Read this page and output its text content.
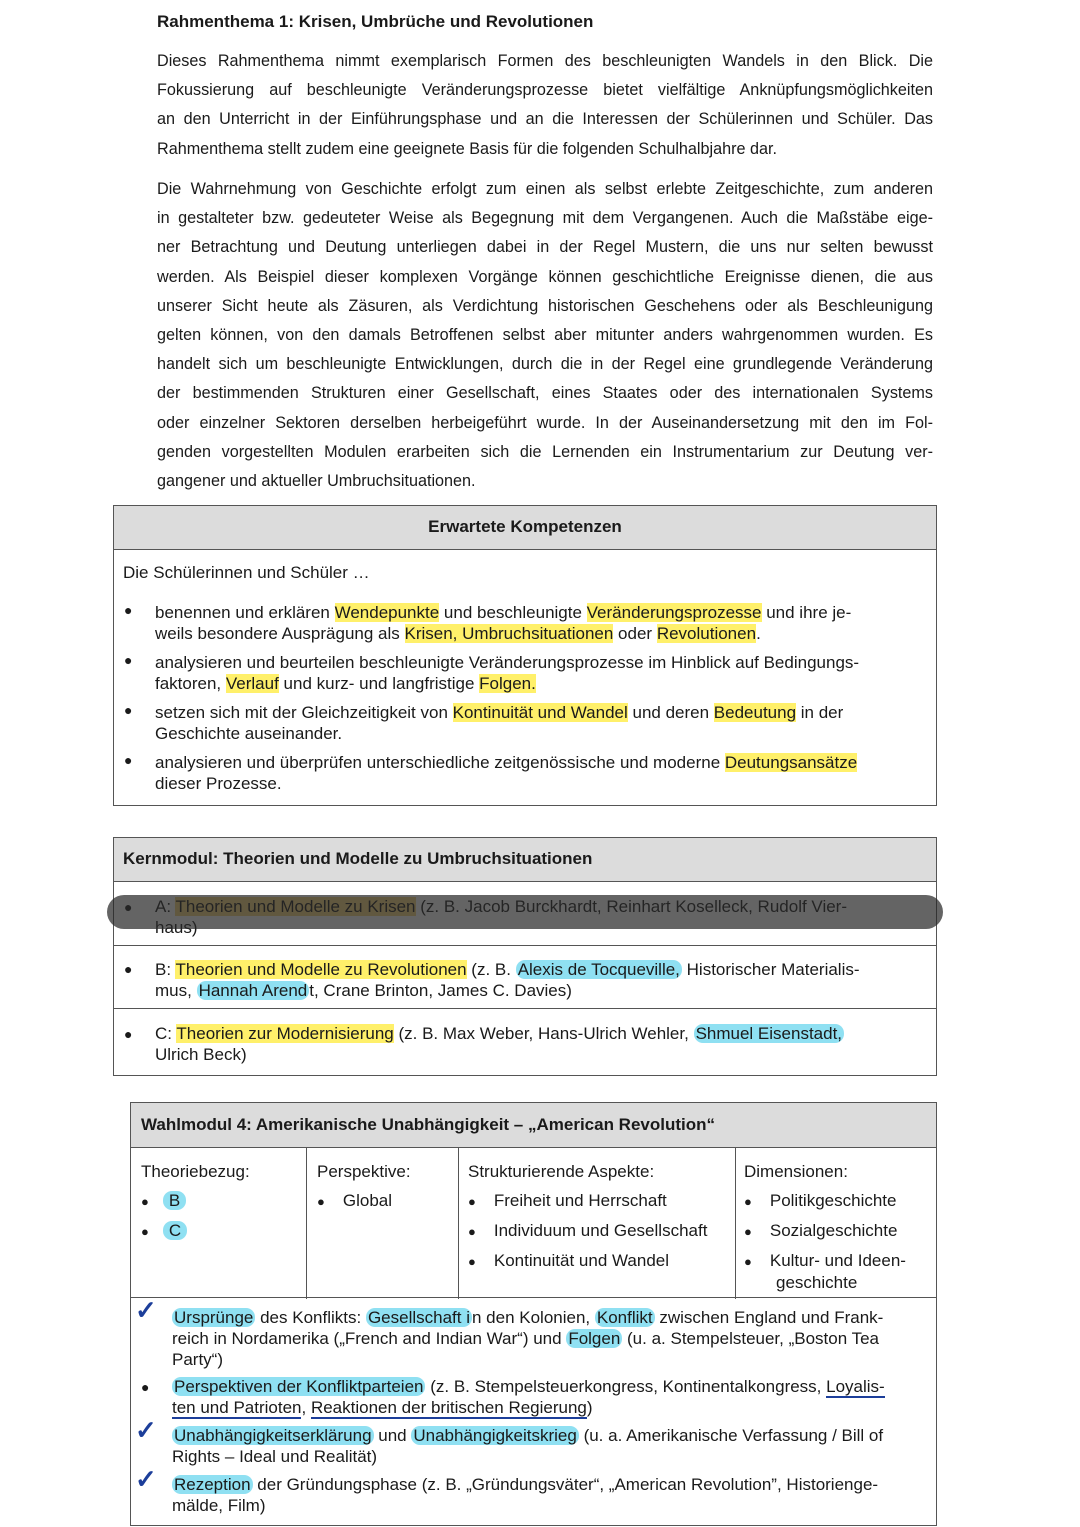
Rahmenthema 1: Krisen, Umbrüche und Revolutionen
Dieses Rahmenthema nimmt exemplarisch Formen des beschleunigten Wandels in den Blick. Die
Fokussierung auf beschleunigte Veränderungsprozesse bietet vielfältige Anknüpfungsmöglichkeiten
an den Unterricht in der Einführungsphase und an die Interessen der Schülerinnen und Schüler. Das
Rahmenthema stellt zudem eine geeignete Basis für die folgenden Schulhalbjahre dar.
Die Wahrnehmung von Geschichte erfolgt zum einen als selbst erlebte Zeitgeschichte, zum anderen
in gestalteter bzw. gedeuteter Weise als Begegnung mit dem Vergangenen. Auch die Maßstäbe eige-
ner Betrachtung und Deutung unterliegen dabei in der Regel Mustern, die uns nur selten bewusst
werden. Als Beispiel dieser komplexen Vorgänge können geschichtliche Ereignisse dienen, die aus
unserer Sicht heute als Zäsuren, als Verdichtung historischen Geschehens oder als Beschleunigung
gelten können, von den damals Betroffenen selbst aber mitunter anders wahrgenommen wurden. Es
handelt sich um beschleunigte Entwicklungen, durch die in der Regel eine grundlegende Veränderung
der bestimmenden Strukturen einer Gesellschaft, eines Staates oder des internationalen Systems
oder einzelner Sektoren derselben herbeigeführt wurde. In der Auseinandersetzung mit den im Fol-
genden vorgestellten Modulen erarbeiten sich die Lernenden ein Instrumentarium zur Deutung ver-
gangener und aktueller Umbruchsituationen.
Erwartete Kompetenzen
Die Schülerinnen und Schüler …
● benennen und erklären Wendepunkte und beschleunigte Veränderungsprozesse und ihre je-
weils besondere Ausprägung als Krisen, Umbruchsituationen oder Revolutionen.
● analysieren und beurteilen beschleunigte Veränderungsprozesse im Hinblick auf Bedingungs-
faktoren, Verlauf und kurz- und langfristige Folgen.
● setzen sich mit der Gleichzeitigkeit von Kontinuität und Wandel und deren Bedeutung in der
Geschichte auseinander.
● analysieren und überprüfen unterschiedliche zeitgenössische und moderne Deutungsansätze
dieser Prozesse.
Kernmodul: Theorien und Modelle zu Umbruchsituationen

● B: Theorien und Modelle zu Revolutionen (z. B. Alexis de Tocqueville, Historischer Materialis-
mus, Hannah Arend t, Crane Brinton, James C. Davies)
● C: Theorien zur Modernisierung (z. B. Max Weber, Hans-Ulrich Wehler, Shmuel Eisenstadt,
Ulrich Beck)
Wahlmodul 4: Amerikanische Unabhängigkeit – „American Revolution“
Theoriebezug:
● B
● C
Perspektive:
● Global
Strukturierende Aspekte:
● Freiheit und Herrschaft
● Individuum und Gesellschaft
● Kontinuität und Wandel
Dimensionen:
● Politikgeschichte
● Sozialgeschichte
● Kultur- und Ideen-
geschichte
✓ Ursprünge des Konflikts: Gesellschaft i n den Kolonien, Konflikt zwischen England und Frank-
reich in Nordamerika („French and Indian War“) und Folgen (u. a. Stempelsteuer, „Boston Tea
Party“)
● Perspektiven der Konfliktparteien (z. B. Stempelsteuerkongress, Kontinentalkongress, Loyalis-
ten und Patrioten, Reaktionen der britischen Regierung)
✓ Unabhängigkeitserklärung und Unabhängigkeitskrieg (u. a. Amerikanische Verfassung / Bill of
Rights – Ideal und Realität)
✓ Rezeption der Gründungsphase (z. B. „Gründungsväter“, „American Revolution”, Historienge-
mälde, Film)
